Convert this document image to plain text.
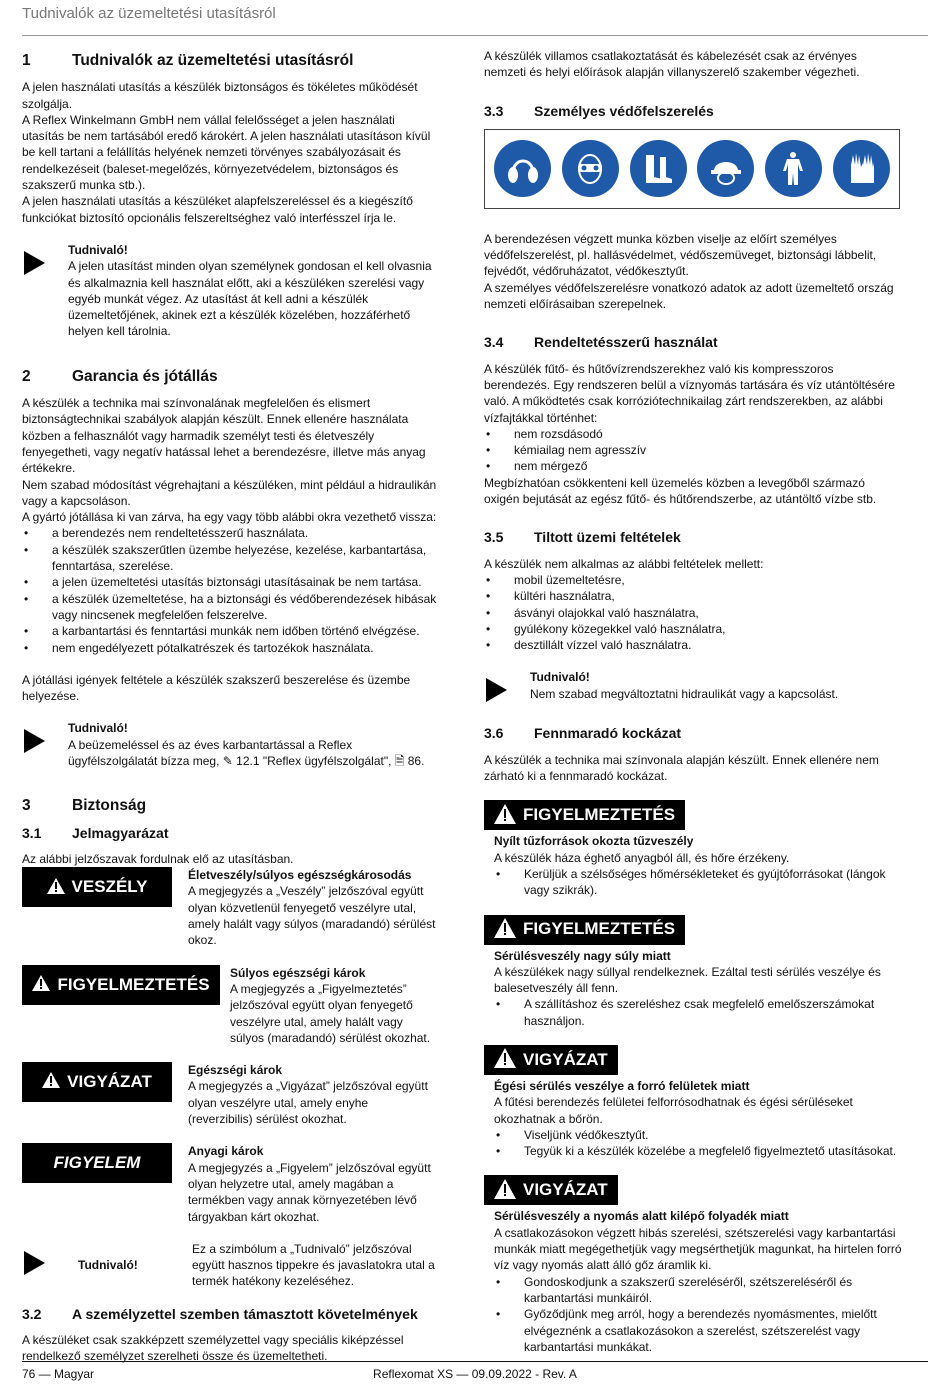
Tudnivalók az üzemeltetési utasításról
1	Tudnivalók az üzemeltetési utasításról

A jelen használati utasítás a készülék biztonságos és tökéletes működését szolgálja.

A Reflex Winkelmann GmbH nem vállal felelősséget a jelen használati utasítás be nem tartásából eredő károkért. A jelen használati utasításon kívül be kell tartani a felállítás helyének nemzeti törvényes szabályozásait és rendelkezéseit (baleset-megelőzés, környezetvédelem, biztonságos és szakszerű munka stb.).

A jelen használati utasítás a készüléket alapfelszereléssel és a kiegészítő funkciókat biztosító opcionális felszereltséghez való interfésszel írja le.

Tudnivaló!
A jelen utasítást minden olyan személynek gondosan el kell olvasnia és alkalmaznia kell használat előtt, aki a készüléken szerelési vagy egyéb munkát végez. Az utasítást át kell adni a készülék üzemeltetőjének, akinek ezt a készülék közelében, hozzáférhető helyen kell tárolnia.
2	Garancia és jótállás

A készülék a technika mai színvonalának megfelelően és elismert biztonságtechnikai szabályok alapján készült. Ennek ellenére használata közben a felhasználót vagy harmadik személyt testi és életveszély fenyegetheti, vagy negatív hatással lehet a berendezésre, illetve más anyag értékekre.

Nem szabad módosítást végrehajtani a készüléken, mint például a hidraulikán vagy a kapcsoláson.

A gyártó jótállása ki van zárva, ha egy vagy több alábbi okra vezethető vissza:

• a berendezés nem rendeltetésszerű használata.
• a készülék szakszerűtlen üzembe helyezése, kezelése, karbantartása, fenntartása, szerelése.
• a jelen üzemeltetési utasítás biztonsági utasításainak be nem tartása.
• a készülék üzemeltetése, ha a biztonsági és védőberendezések hibásak vagy nincsenek megfelelően felszerelve.
• a karbantartási és fenntartási munkák nem időben történő elvégzése.
• nem engedélyezett pótalkatrészek és tartozékok használata.

A jótállási igények feltétele a készülék szakszerű beszerelése és üzembe helyezése.

Tudnivaló!
A beüzemeléssel és az éves karbantartással a Reflex ügyfélszolgálatát bízza meg, ✎ 12.1 "Reflex ügyfélszolgálat", 🗎 86.
3	Biztonság
3.1	Jelmagyarázat

Az alábbi jelzőszavak fordulnak elő az utasításban.

VESZÉLY
Életveszély/súlyos egészségkárosodás
A megjegyzés a „Veszély” jelzőszóval együtt olyan közvetlenül fenyegető veszélyre utal, amely halált vagy súlyos (maradandó) sérülést okoz.
FIGYELMEZTETÉS
Súlyos egészségi károk
A megjegyzés a „Figyelmeztetés” jelzőszóval együtt olyan fenyegető veszélyre utal, amely halált vagy súlyos (maradandó) sérülést okozhat.
VIGYÁZAT
Egészségi károk
A megjegyzés a „Vigyázat” jelzőszóval együtt olyan veszélyre utal, amely enyhe (reverzibilis) sérülést okozhat.
FIGYELEM
Anyagi károk
A megjegyzés a „Figyelem” jelzőszóval együtt olyan helyzetre utal, amely magában a termékben vagy annak környezetében lévő tárgyakban kárt okozhat.
Tudnivaló!
Ez a szimbólum a „Tudnivaló” jelzőszóval együtt hasznos tippekre és javaslatokra utal a termék hatékony kezeléséhez.
3.2	A személyzettel szemben támasztott követelmények

A készüléket csak szakképzett személyzettel vagy speciális kiképzéssel rendelkező személyzet szerelheti össze és üzemeltetheti.

A készülék villamos csatlakoztatását és kábelezését csak az érvényes nemzeti és helyi előírások alapján villanyszerelő szakember végezheti.

3.3	Személyes védőfelszerelés

A berendezésen végzett munka közben viselje az előírt személyes védőfelszerelést, pl. hallásvédelmet, védőszemüveget, biztonsági lábbelit, fejvédőt, védőruházatot, védőkesztyűt.

A személyes védőfelszerelésre vonatkozó adatok az adott üzemeltető ország nemzeti előírásaiban szerepelnek.

3.4	Rendeltetésszerű használat

A készülék fűtő- és hűtővízrendszerekhez való kis kompresszoros berendezés. Egy rendszeren belül a víznyomás tartására és víz utántöltésére való. A működtetés csak korróziótechnikailag zárt rendszerekben, az alábbi vízfajtákkal történhet:

• nem rozsdásodó
• kémiailag nem agresszív
• nem mérgező

Megbízhatóan csökkenteni kell üzemelés közben a levegőből származó oxigén bejutását az egész fűtő- és hűtőrendszerbe, az utántöltő vízbe stb.

3.5	Tiltott üzemi feltételek

A készülék nem alkalmas az alábbi feltételek mellett:

• mobil üzemeltetésre,
• kültéri használatra,
• ásványi olajokkal való használatra,
• gyúlékony közegekkel való használatra,
• desztillált vízzel való használatra.
Tudnivaló!
Nem szabad megváltoztatni hidraulikát vagy a kapcsolást.
3.6	Fennmaradó kockázat

A készülék a technika mai színvonala alapján készült. Ennek ellenére nem zárható ki a fennmaradó kockázat.

FIGYELMEZTETÉS
Nyílt tűzforrások okozta tűzveszély
A készülék háza éghető anyagból áll, és hőre érzékeny.
• Kerüljük a szélsőséges hőmérsékleteket és gyújtóforrásokat (lángok vagy szikrák).
FIGYELMEZTETÉS
Sérülésveszély nagy súly miatt
A készülékek nagy súllyal rendelkeznek. Ezáltal testi sérülés veszélye és balesetveszély áll fenn.
• A szállításhoz és szereléshez csak megfelelő emelőszerszámokat használjon.
VIGYÁZAT
Égési sérülés veszélye a forró felületek miatt
A fűtési berendezés felületei felforrósodhatnak és égési sérüléseket okozhatnak a bőrön.
• Viseljünk védőkesztyűt.
• Tegyük ki a készülék közelébe a megfelelő figyelmeztető utasításokat.
VIGYÁZAT
Sérülésveszély a nyomás alatt kilépő folyadék miatt
A csatlakozásokon végzett hibás szerelési, szétszerelési vagy karbantartási munkák miatt megégethetjük vagy megsérthetjük magunkat, ha hirtelen forró víz vagy nyomás alatt álló gőz áramlik ki.
• Gondoskodjunk a szakszerű szereléséről, szétszereléséről és karbantartási munkáiról.
• Győződjünk meg arról, hogy a berendezés nyomásmentes, mielőtt elvégeznénk a csatlakozásokon a szerelést, szétszerelést vagy karbantartási munkákat.
76 — Magyar	Reflexomat XS — 09.09.2022 - Rev. A
